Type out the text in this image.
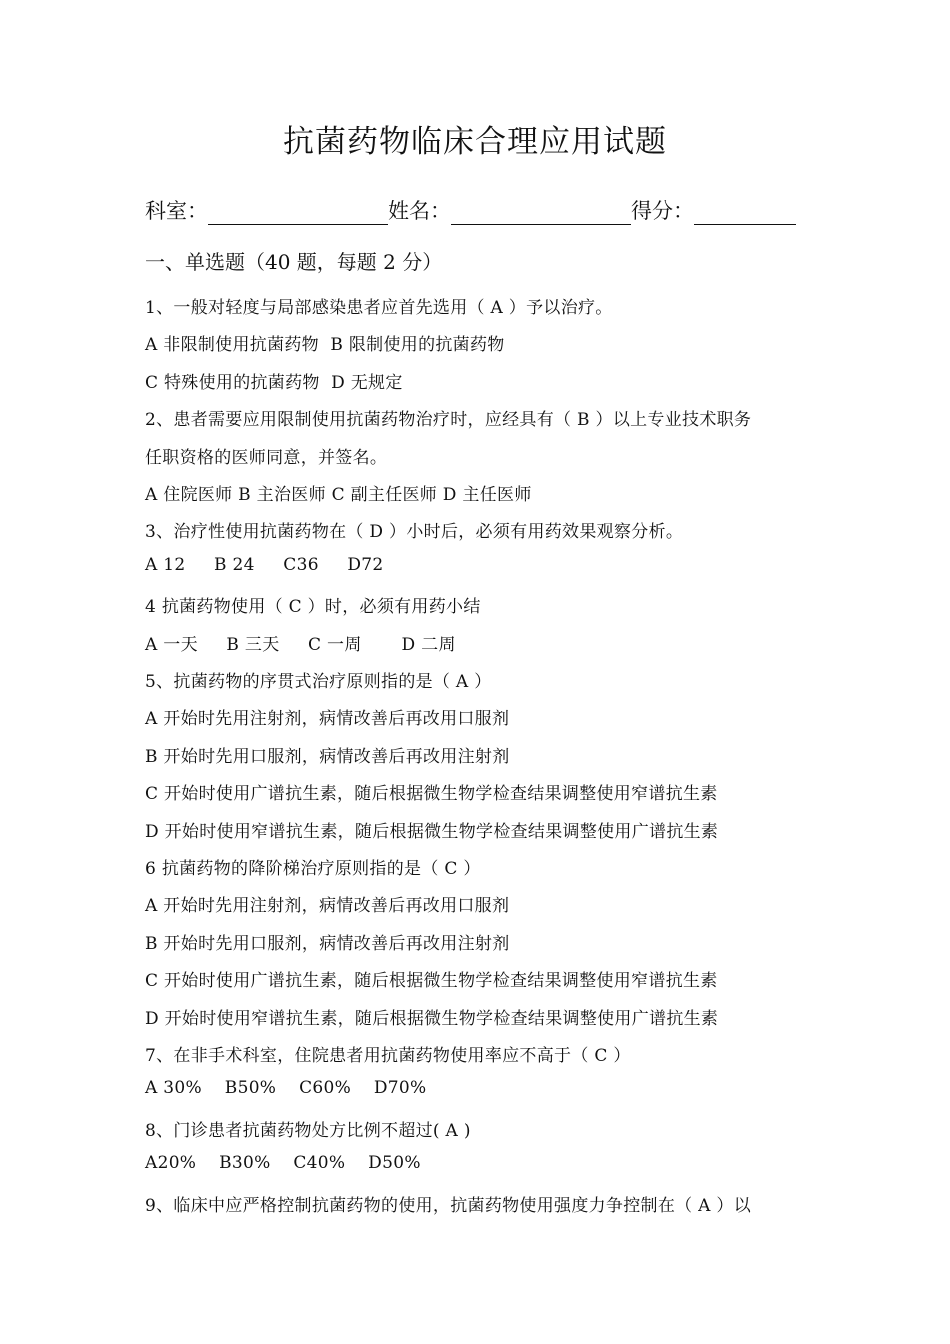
抗菌药物临床合理应用试题
科室：	姓名：	得分：
一、单选题（40 题，每题 2 分）
1、一般对轻度与局部感染患者应首先选用（ A ）予以治疗。
A 非限制使用抗菌药物  B 限制使用的抗菌药物
C 特殊使用的抗菌药物  D 无规定
2、患者需要应用限制使用抗菌药物治疗时，应经具有（ B ）以上专业技术职务
任职资格的医师同意，并签名。
A 住院医师 B 主治医师 C 副主任医师 D 主任医师
3、治疗性使用抗菌药物在（ D ）小时后，必须有用药效果观察分析。
A 12     B 24     C36     D72
4 抗菌药物使用（ C ）时，必须有用药小结
A 一天     B 三天     C 一周       D 二周
5、抗菌药物的序贯式治疗原则指的是（ A ）
A 开始时先用注射剂，病情改善后再改用口服剂
B 开始时先用口服剂，病情改善后再改用注射剂
C 开始时使用广谱抗生素，随后根据微生物学检查结果调整使用窄谱抗生素
D 开始时使用窄谱抗生素，随后根据微生物学检查结果调整使用广谱抗生素
6 抗菌药物的降阶梯治疗原则指的是（ C ）
A 开始时先用注射剂，病情改善后再改用口服剂
B 开始时先用口服剂，病情改善后再改用注射剂
C 开始时使用广谱抗生素，随后根据微生物学检查结果调整使用窄谱抗生素
D 开始时使用窄谱抗生素，随后根据微生物学检查结果调整使用广谱抗生素
7、在非手术科室，住院患者用抗菌药物使用率应不高于（ C ）
A 30%    B50%    C60%    D70%
8、门诊患者抗菌药物处方比例不超过( A )
A20%    B30%    C40%    D50%
9、临床中应严格控制抗菌药物的使用，抗菌药物使用强度力争控制在（ A ）以
